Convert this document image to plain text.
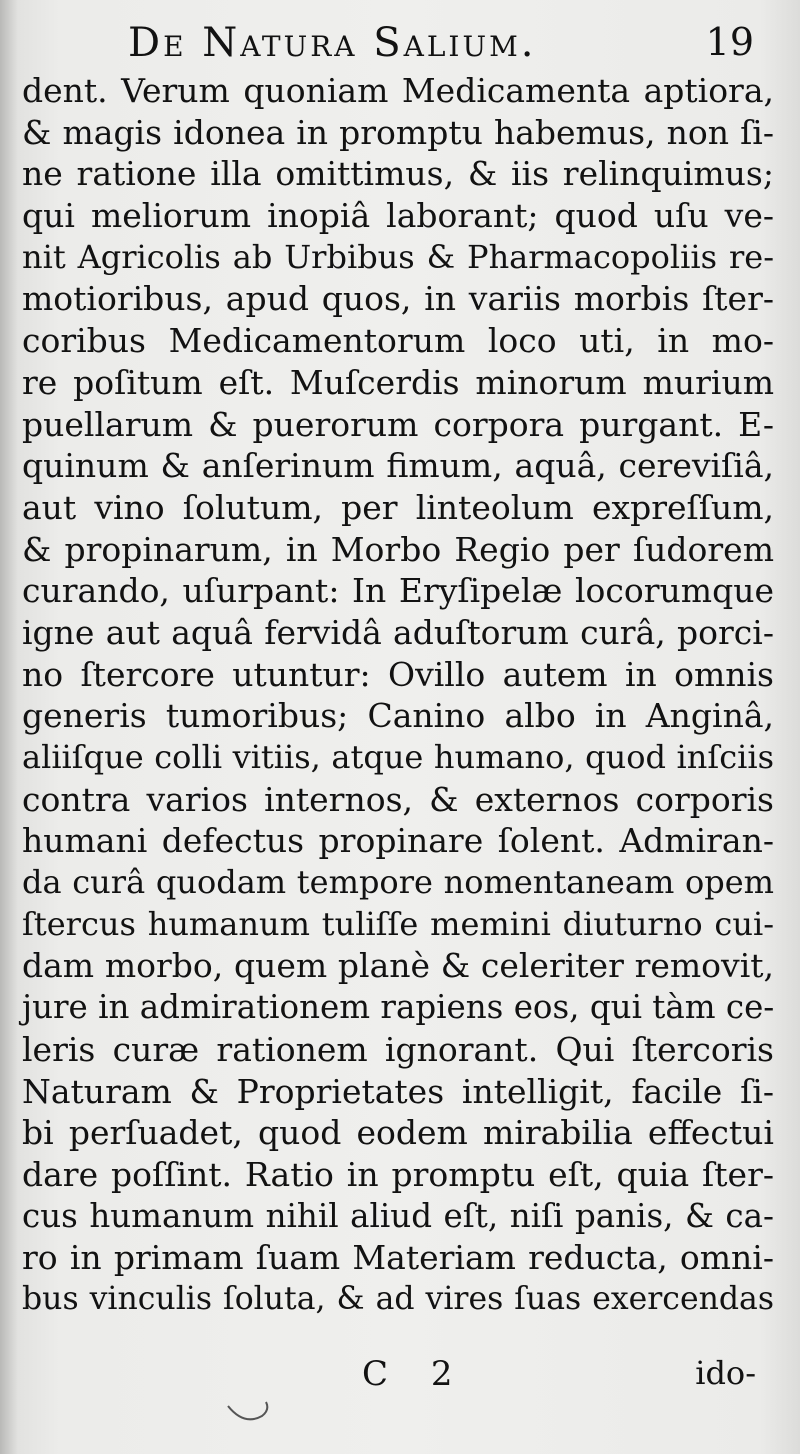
De Natura Salium.	19
dent. Verum quoniam Medicamenta aptiora,
& magis idonea in promptu habemus, non ſi-
ne ratione illa omittimus, & iis relinquimus;
qui meliorum inopiâ laborant; quod uſu ve-
nit Agricolis ab Urbibus & Pharmacopoliis re-
motioribus, apud quos, in variis morbis ſter-
coribus Medicamentorum loco uti, in mo-
re poſitum eſt. Muſcerdis minorum murium
puellarum & puerorum corpora purgant. E-
quinum & anſerinum fimum, aquâ, cereviſiâ,
aut vino ſolutum, per linteolum expreſſum,
& propinarum, in Morbo Regio per ſudorem
curando, uſurpant: In Eryſipelæ locorumque
igne aut aquâ fervidâ aduſtorum curâ, porci-
no ſtercore utuntur: Ovillo autem in omnis
generis tumoribus; Canino albo in Anginâ,
aliiſque colli vitiis, atque humano, quod inſciis
contra varios internos, & externos corporis
humani defectus propinare ſolent. Admiran-
da curâ quodam tempore nomentaneam opem
ſtercus humanum tuliſſe memini diuturno cui-
dam morbo, quem planè & celeriter removit,
jure in admirationem rapiens eos, qui tàm ce-
leris curæ rationem ignorant. Qui ſtercoris
Naturam & Proprietates intelligit, facile ſi-
bi perſuadet, quod eodem mirabilia effectui
dare poſſint. Ratio in promptu eſt, quia ſter-
cus humanum nihil aliud eſt, niſi panis, & ca-
ro in primam ſuam Materiam reducta, omni-
bus vinculis ſoluta, & ad vires ſuas exercendas
C 2	ido-
